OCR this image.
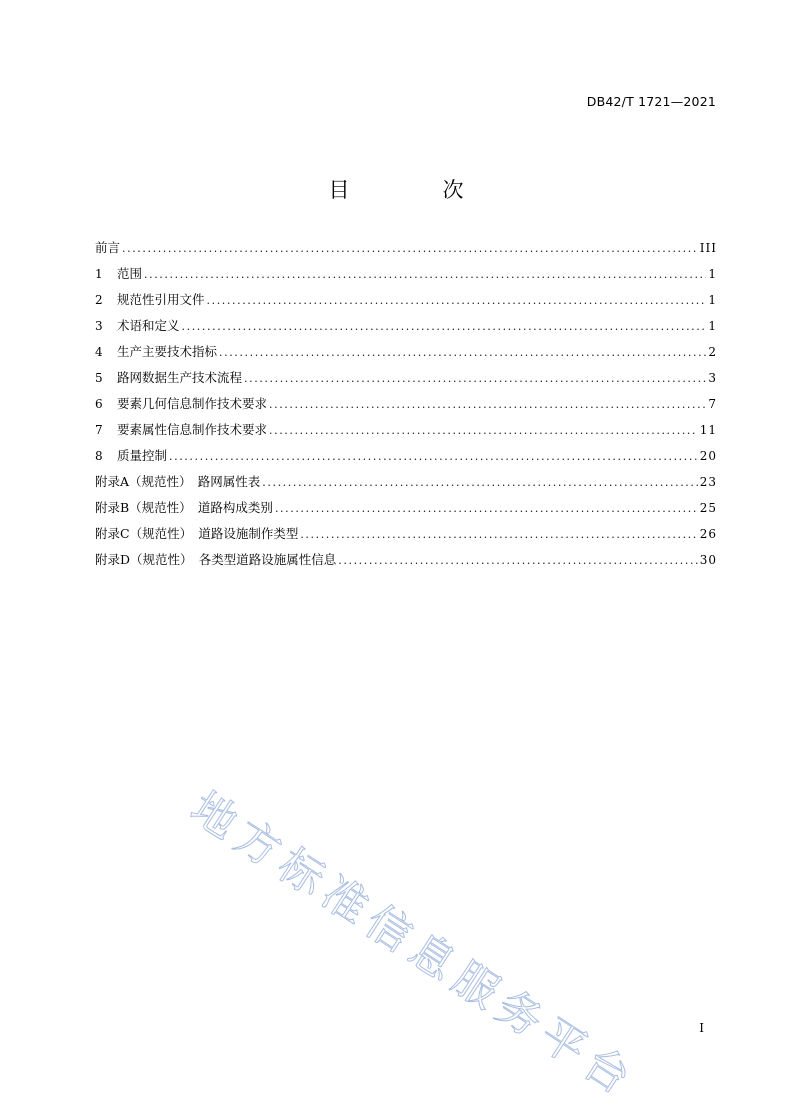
DB42/T 1721—2021
目　次
前言 .....	III
1 范围 .....	1
2 规范性引用文件 .....	1
3 术语和定义 .....	1
4 生产主要技术指标 .....	2
5 路网数据生产技术流程 .....	3
6 要素几何信息制作技术要求 .....	7
7 要素属性信息制作技术要求 .....	11
8 质量控制 .....	20
附录A（规范性）　路网属性表 .....	23
附录B（规范性）　道路构成类别 .....	25
附录C（规范性）　道路设施制作类型 .....	26
附录D（规范性）　各类型道路设施属性信息 .....	30
地方标准信息服务平台	I
